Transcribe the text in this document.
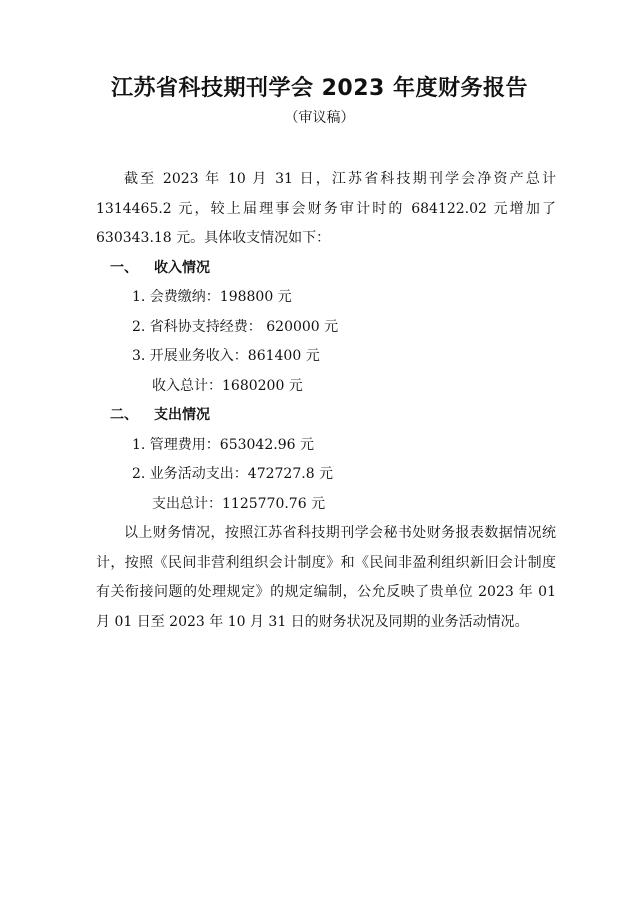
江苏省科技期刊学会 2023 年度财务报告
（审议稿）

截至 2023 年 10 月 31 日，江苏省科技期刊学会净资产总计 1314465.2 元，较上届理事会财务审计时的 684122.02 元增加了 630343.18 元。具体收支情况如下：

一、 收入情况

1. 会费缴纳：198800 元

2. 省科协支持经费： 620000 元

3. 开展业务收入：861400 元

收入总计：1680200 元

二、 支出情况

1. 管理费用：653042.96 元

2. 业务活动支出：472727.8 元

支出总计：1125770.76 元

以上财务情况，按照江苏省科技期刊学会秘书处财务报表数据情况统计，按照《民间非营利组织会计制度》和《民间非盈利组织新旧会计制度有关衔接问题的处理规定》的规定编制，公允反映了贵单位 2023 年 01 月 01 日至 2023 年 10 月 31 日的财务状况及同期的业务活动情况。
